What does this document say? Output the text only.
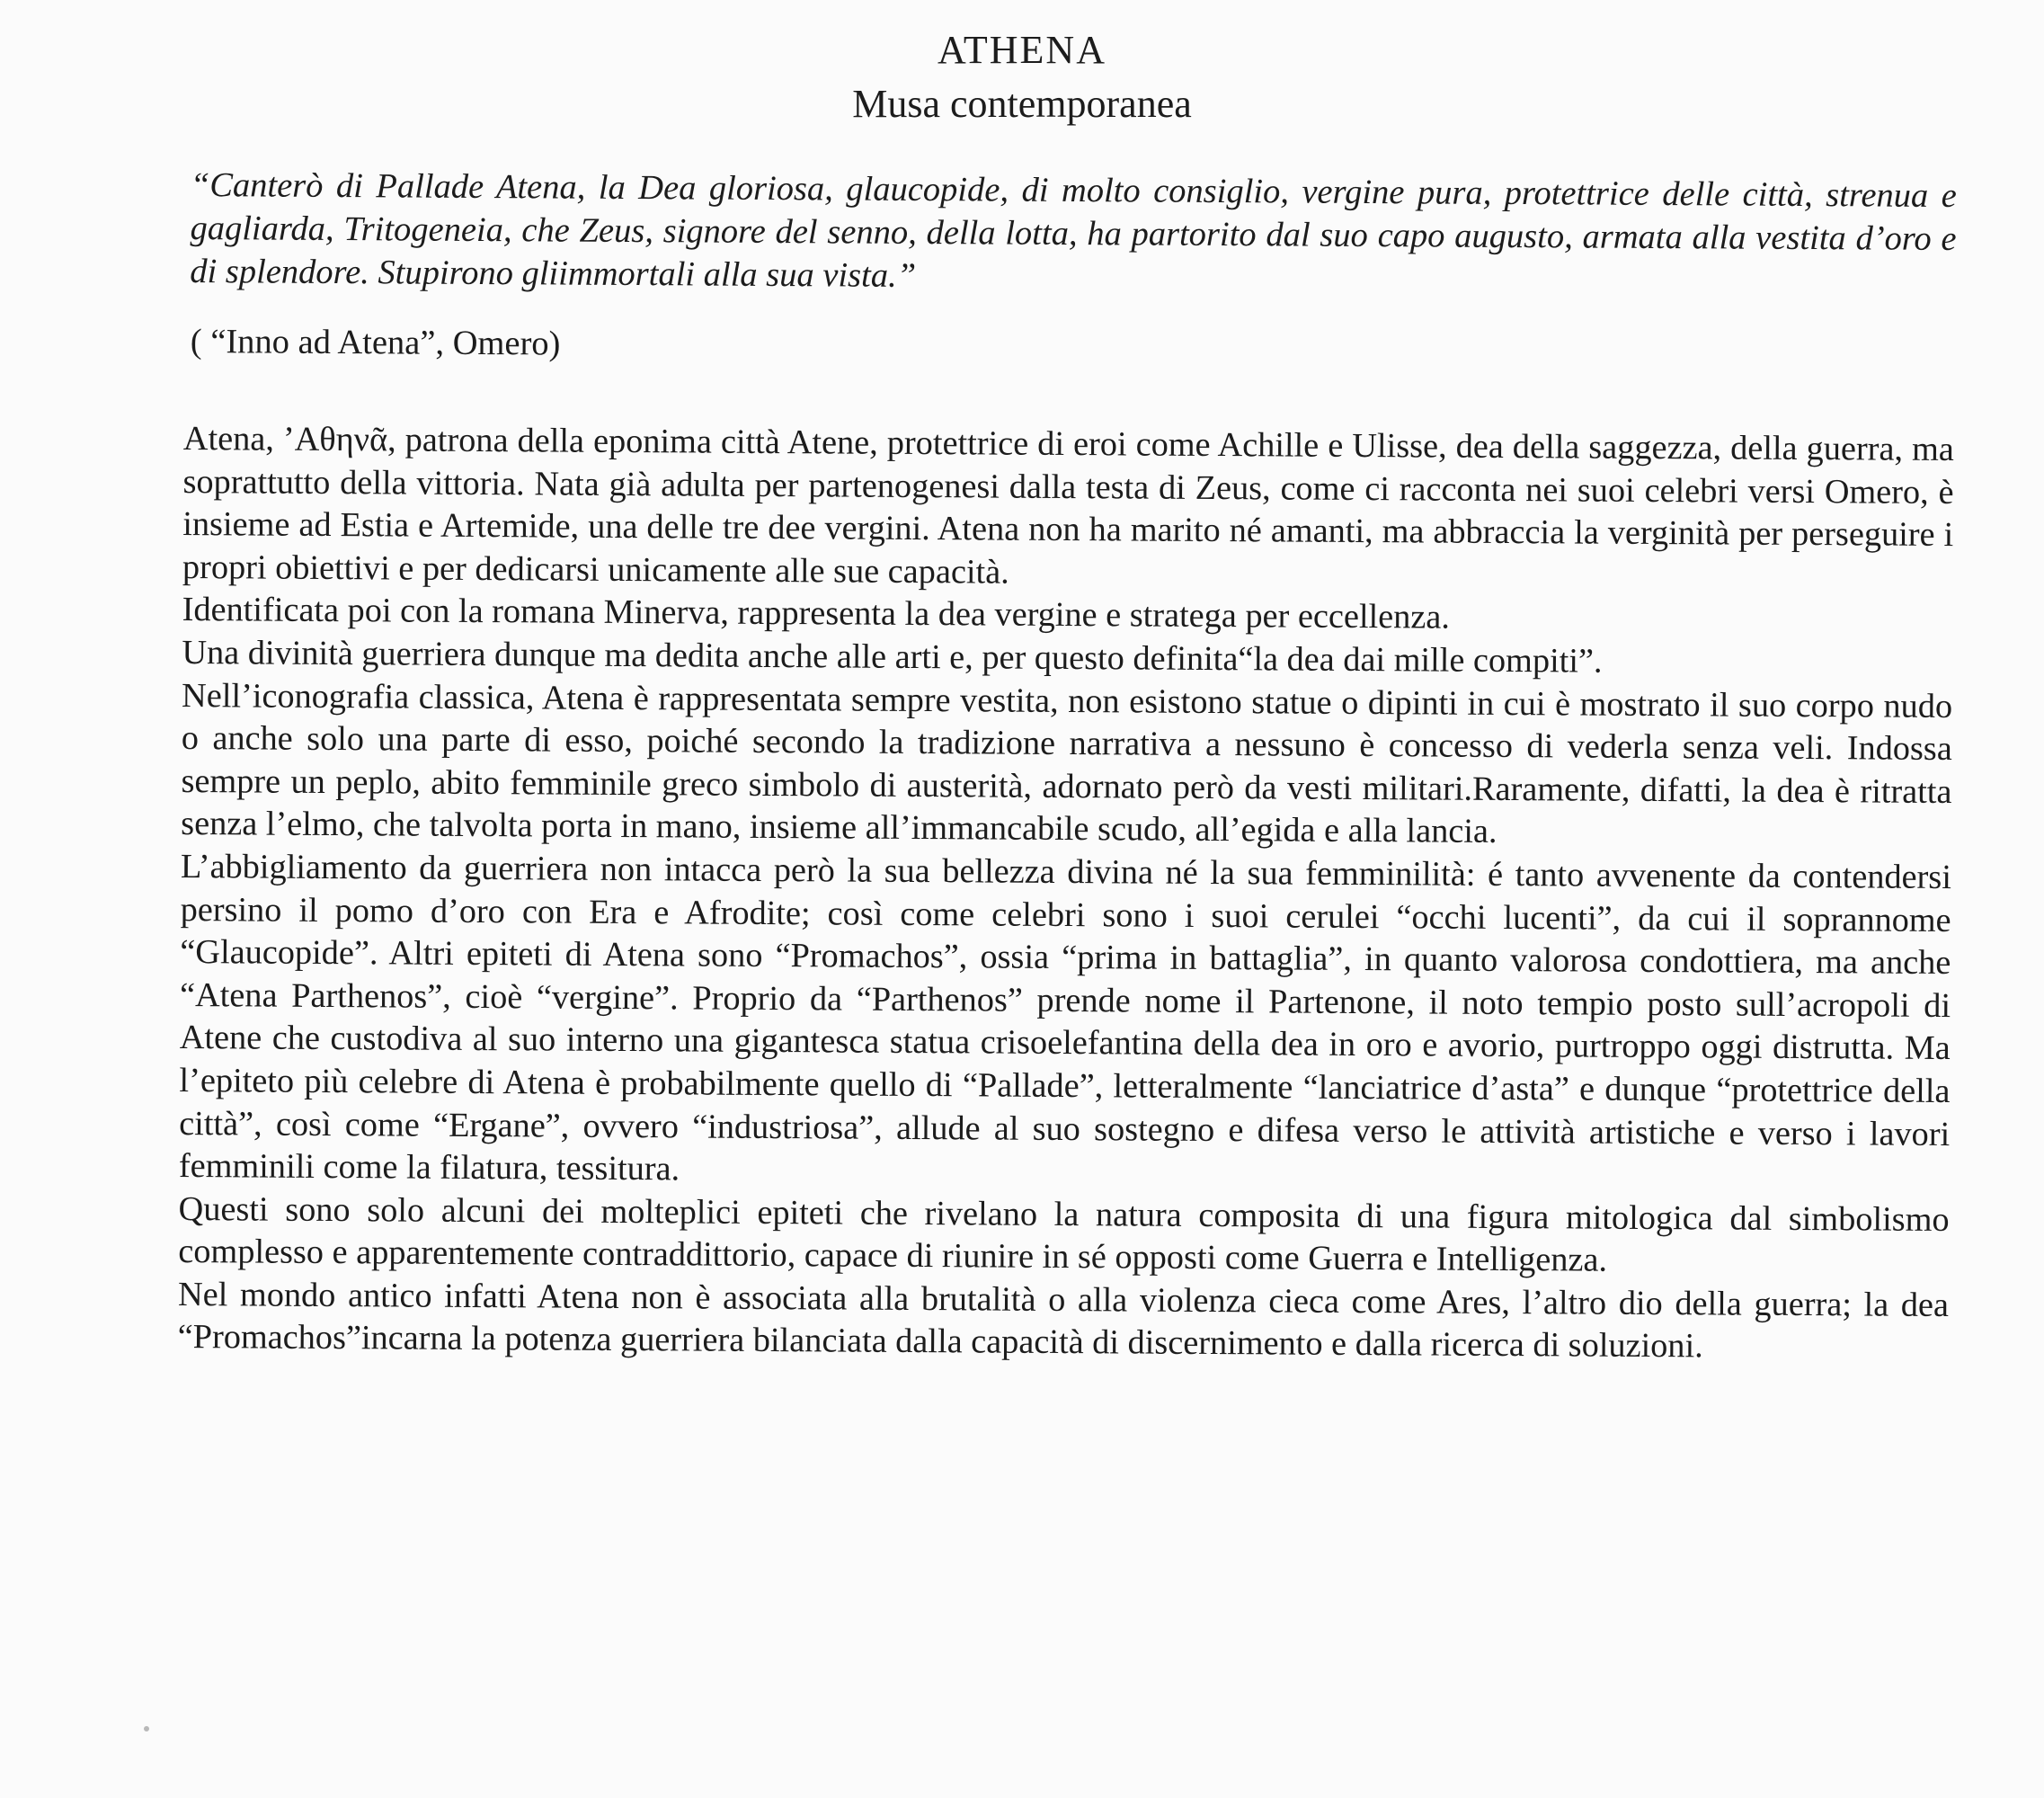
ATHENA
Musa contemporanea
“Canterò di Pallade Atena, la Dea gloriosa, glaucopide, di molto consiglio, vergine pura, protettrice delle città, strenua e gagliarda, Tritogeneia, che Zeus, signore del senno, della lotta, ha partorito dal suo capo augusto, armata alla vestita d’oro e di splendore. Stupirono gliimmortali alla sua vista.”
( “Inno ad Atena”, Omero)

Atena, ’Αθηνᾶ, patrona della eponima città Atene, protettrice di eroi come Achille e Ulisse, dea della saggezza, della guerra, ma soprattutto della vittoria. Nata già adulta per partenogenesi dalla testa di Zeus, come ci racconta nei suoi celebri versi Omero, è insieme ad Estia e Artemide, una delle tre dee vergini. Atena non ha marito né amanti, ma abbraccia la verginità per perseguire i propri obiettivi e per dedicarsi unicamente alle sue capacità.

Identificata poi con la romana Minerva, rappresenta la dea vergine e stratega per eccellenza.

Una divinità guerriera dunque ma dedita anche alle arti e, per questo definita“la dea dai mille compiti”.

Nell’iconografia classica, Atena è rappresentata sempre vestita, non esistono statue o dipinti in cui è mostrato il suo corpo nudo o anche solo una parte di esso, poiché secondo la tradizione narrativa a nessuno è concesso di vederla senza veli. Indossa sempre un peplo, abito femminile greco simbolo di austerità, adornato però da vesti militari.Raramente, difatti, la dea è ritratta senza l’elmo, che talvolta porta in mano, insieme all’immancabile scudo, all’egida e alla lancia.

L’abbigliamento da guerriera non intacca però la sua bellezza divina né la sua femminilità: é tanto avvenente da contendersi persino il pomo d’oro con Era e Afrodite; così come celebri sono i suoi cerulei “occhi lucenti”, da cui il soprannome “Glaucopide”. Altri epiteti di Atena sono “Promachos”, ossia “prima in battaglia”, in quanto valorosa condottiera, ma anche “Atena Parthenos”, cioè “vergine”. Proprio da “Parthenos” prende nome il Partenone, il noto tempio posto sull’acropoli di Atene che custodiva al suo interno una gigantesca statua crisoelefantina della dea in oro e avorio, purtroppo oggi distrutta. Ma l’epiteto più celebre di Atena è probabilmente quello di “Pallade”, letteralmente “lanciatrice d’asta” e dunque “protettrice della città”, così come “Ergane”, ovvero “industriosa”, allude al suo sostegno e difesa verso le attività artistiche e verso i lavori femminili come la filatura, tessitura.

Questi sono solo alcuni dei molteplici epiteti che rivelano la natura composita di una figura mitologica dal simbolismo complesso e apparentemente contraddittorio, capace di riunire in sé opposti come Guerra e Intelligenza.

Nel mondo antico infatti Atena non è associata alla brutalità o alla violenza cieca come Ares, l’altro dio della guerra; la dea “Promachos”incarna la potenza guerriera bilanciata dalla capacità di discernimento e dalla ricerca di soluzioni.
